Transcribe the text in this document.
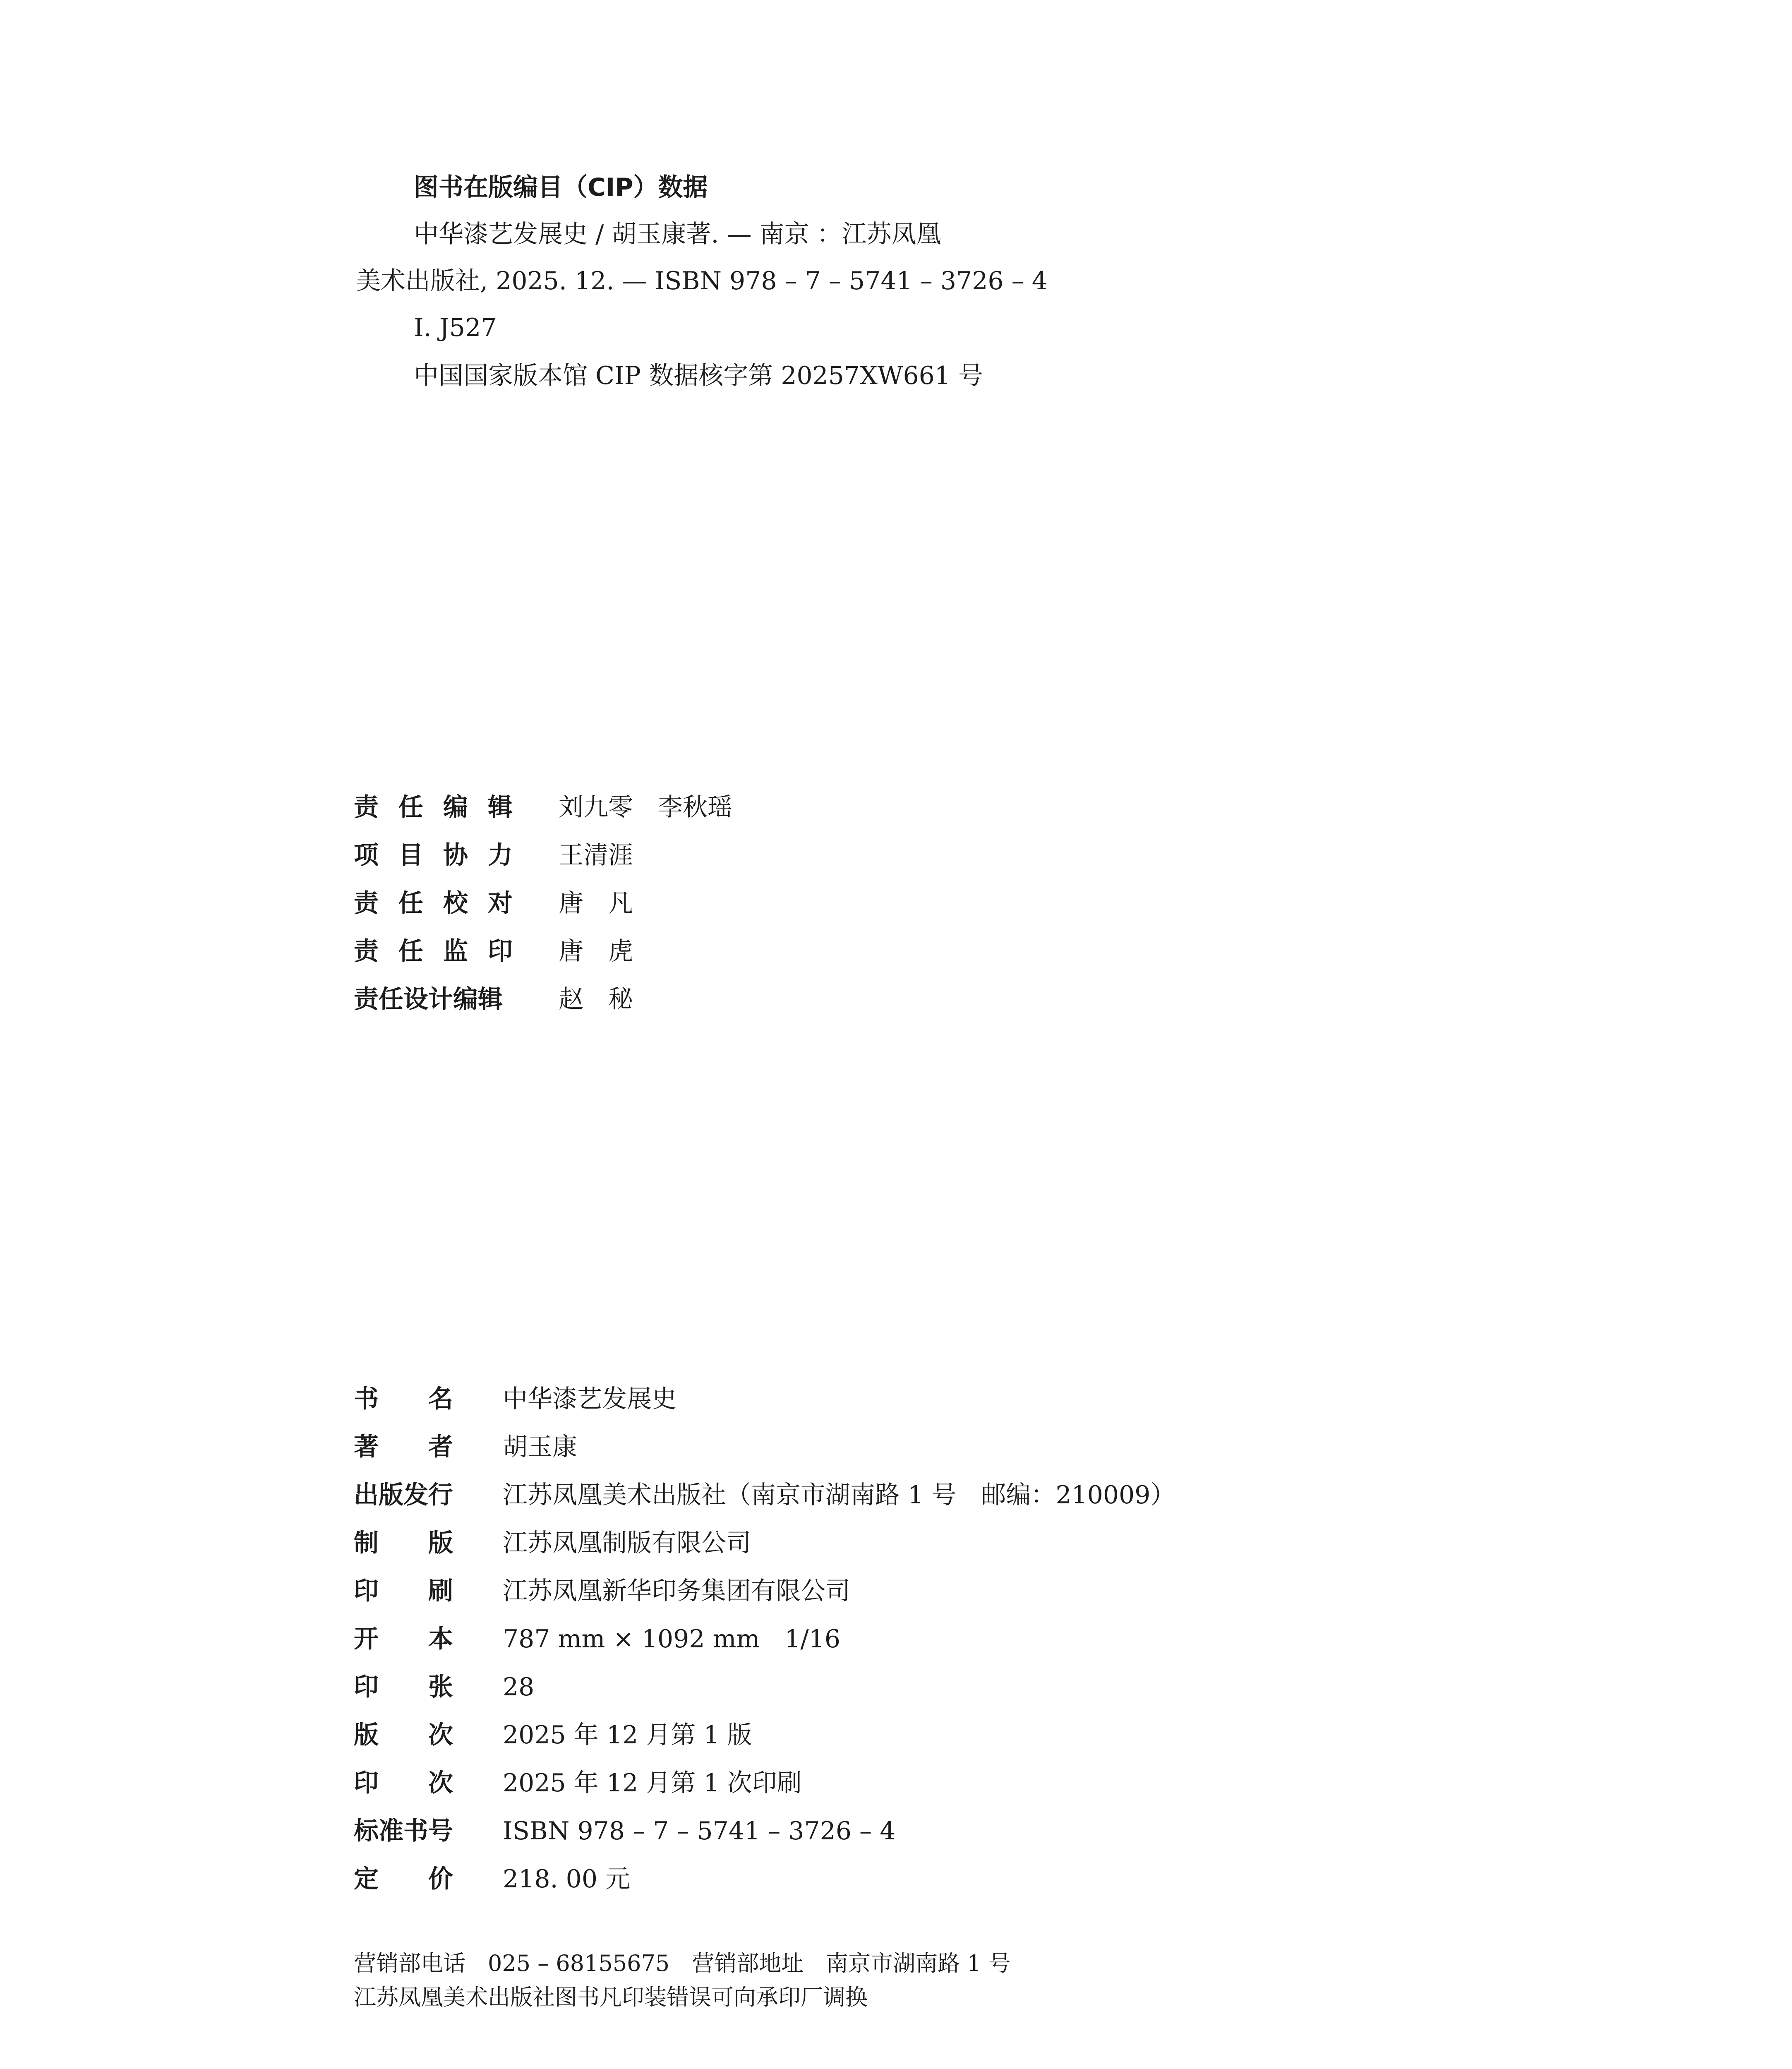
图书在版编目（CIP）数据
中华漆艺发展史 / 胡玉康著. — 南京 ：江苏凤凰
美术出版社, 2025. 12. — ISBN 978 – 7 – 5741 – 3726 – 4
Ⅰ. J527
中国国家版本馆 CIP 数据核字第 20257XW661 号
责任编辑 刘九零　李秋瑶
项目协力 王清涯
责任校对 唐　凡
责任监印 唐　虎
责任设计编辑 赵　秘
书　　名 中华漆艺发展史
著　　者 胡玉康
出版发行 江苏凤凰美术出版社（南京市湖南路 1 号　邮编：210009）
制　　版 江苏凤凰制版有限公司
印　　刷 江苏凤凰新华印务集团有限公司
开　　本 787 mm × 1092 mm　1/16
印　　张 28
版　　次 2025 年 12 月第 1 版
印　　次 2025 年 12 月第 1 次印刷
标准书号 ISBN 978 – 7 – 5741 – 3726 – 4
定　　价 218. 00 元
营销部电话　025 – 68155675　营销部地址　南京市湖南路 1 号
江苏凤凰美术出版社图书凡印装错误可向承印厂调换
